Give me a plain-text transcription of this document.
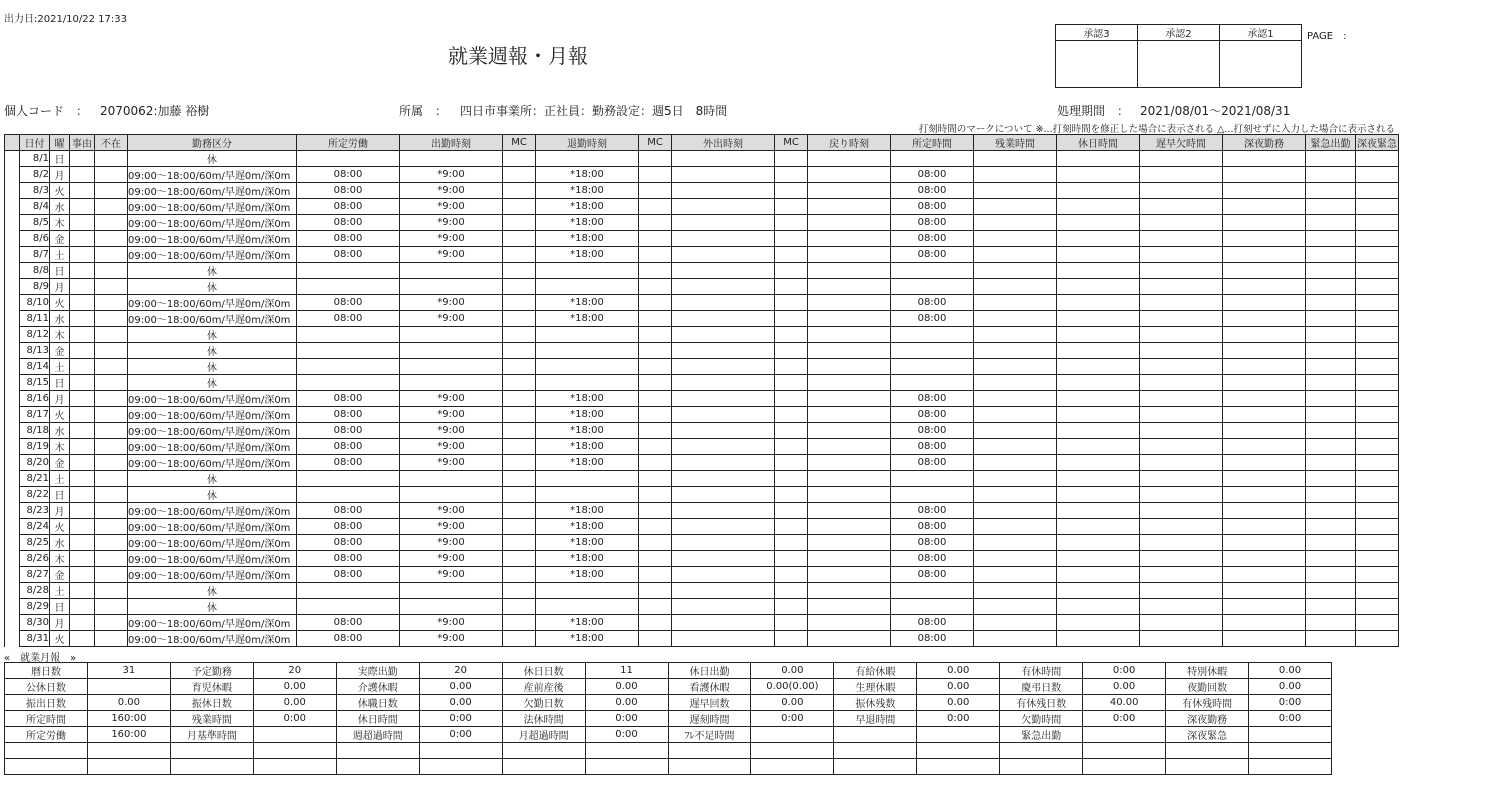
出力日:2021/10/22 17:33
就業週報・月報
承認3	承認2	承認1
			PAGE　:
個人コード　： 2070062:加藤 裕樹	所属　： 四日市事業所：正社員：勤務設定：週5日　8時間	処理期間　： 2021/08/01～2021/08/31
打刻時間のマークについて ※...打刻時間を修正した場合に表示される △...打刻せずに入力した場合に表示される
	日付	曜	事由	不在	勤務区分	所定労働	出勤時刻	MC	退勤時刻	MC	外出時刻	MC	戻り時刻	所定時間	残業時間	休日時間	遅早欠時間	深夜勤務	緊急出勤	深夜緊急
	8/1	日			休															
	8/2	月			09:00～18:00/60m/早遅0m/深0m	08:00	*9:00		*18:00					08:00						
	8/3	火			09:00～18:00/60m/早遅0m/深0m	08:00	*9:00		*18:00					08:00						
	8/4	水			09:00～18:00/60m/早遅0m/深0m	08:00	*9:00		*18:00					08:00						
	8/5	木			09:00～18:00/60m/早遅0m/深0m	08:00	*9:00		*18:00					08:00						
	8/6	金			09:00～18:00/60m/早遅0m/深0m	08:00	*9:00		*18:00					08:00						
	8/7	土			09:00～18:00/60m/早遅0m/深0m	08:00	*9:00		*18:00					08:00						
	8/8	日			休															
	8/9	月			休															
	8/10	火			09:00～18:00/60m/早遅0m/深0m	08:00	*9:00		*18:00					08:00						
	8/11	水			09:00～18:00/60m/早遅0m/深0m	08:00	*9:00		*18:00					08:00						
	8/12	木			休															
	8/13	金			休															
	8/14	土			休															
	8/15	日			休															
	8/16	月			09:00～18:00/60m/早遅0m/深0m	08:00	*9:00		*18:00					08:00						
	8/17	火			09:00～18:00/60m/早遅0m/深0m	08:00	*9:00		*18:00					08:00						
	8/18	水			09:00～18:00/60m/早遅0m/深0m	08:00	*9:00		*18:00					08:00						
	8/19	木			09:00～18:00/60m/早遅0m/深0m	08:00	*9:00		*18:00					08:00						
	8/20	金			09:00～18:00/60m/早遅0m/深0m	08:00	*9:00		*18:00					08:00						
	8/21	土			休															
	8/22	日			休															
	8/23	月			09:00～18:00/60m/早遅0m/深0m	08:00	*9:00		*18:00					08:00						
	8/24	火			09:00～18:00/60m/早遅0m/深0m	08:00	*9:00		*18:00					08:00						
	8/25	水			09:00～18:00/60m/早遅0m/深0m	08:00	*9:00		*18:00					08:00						
	8/26	木			09:00～18:00/60m/早遅0m/深0m	08:00	*9:00		*18:00					08:00						
	8/27	金			09:00～18:00/60m/早遅0m/深0m	08:00	*9:00		*18:00					08:00						
	8/28	土			休															
	8/29	日			休															
	8/30	月			09:00～18:00/60m/早遅0m/深0m	08:00	*9:00		*18:00					08:00						
	8/31	火			09:00～18:00/60m/早遅0m/深0m	08:00	*9:00		*18:00					08:00						
«　就業月報　»
暦日数	31	予定勤務	20	実際出勤	20	休日日数	11	休日出勤	0.00	有給休暇	0.00	有休時間	0:00	特別休暇	0.00
公休日数		育児休暇	0.00	介護休暇	0.00	産前産後	0.00	看護休暇	0.00(0.00)	生理休暇	0.00	慶弔日数	0.00	夜勤回数	0.00
振出日数	0.00	振休日数	0.00	休職日数	0.00	欠勤日数	0.00	遅早回数	0.00	振休残数	0.00	有休残日数	40.00	有休残時間	0:00
所定時間	160:00	残業時間	0:00	休日時間	0:00	法休時間	0:00	遅刻時間	0:00	早退時間	0:00	欠勤時間	0:00	深夜勤務	0:00
所定労働	160:00	月基準時間		週超過時間	0:00	月超過時間	0:00	ﾌﾚ不足時間				緊急出勤		深夜緊急	
